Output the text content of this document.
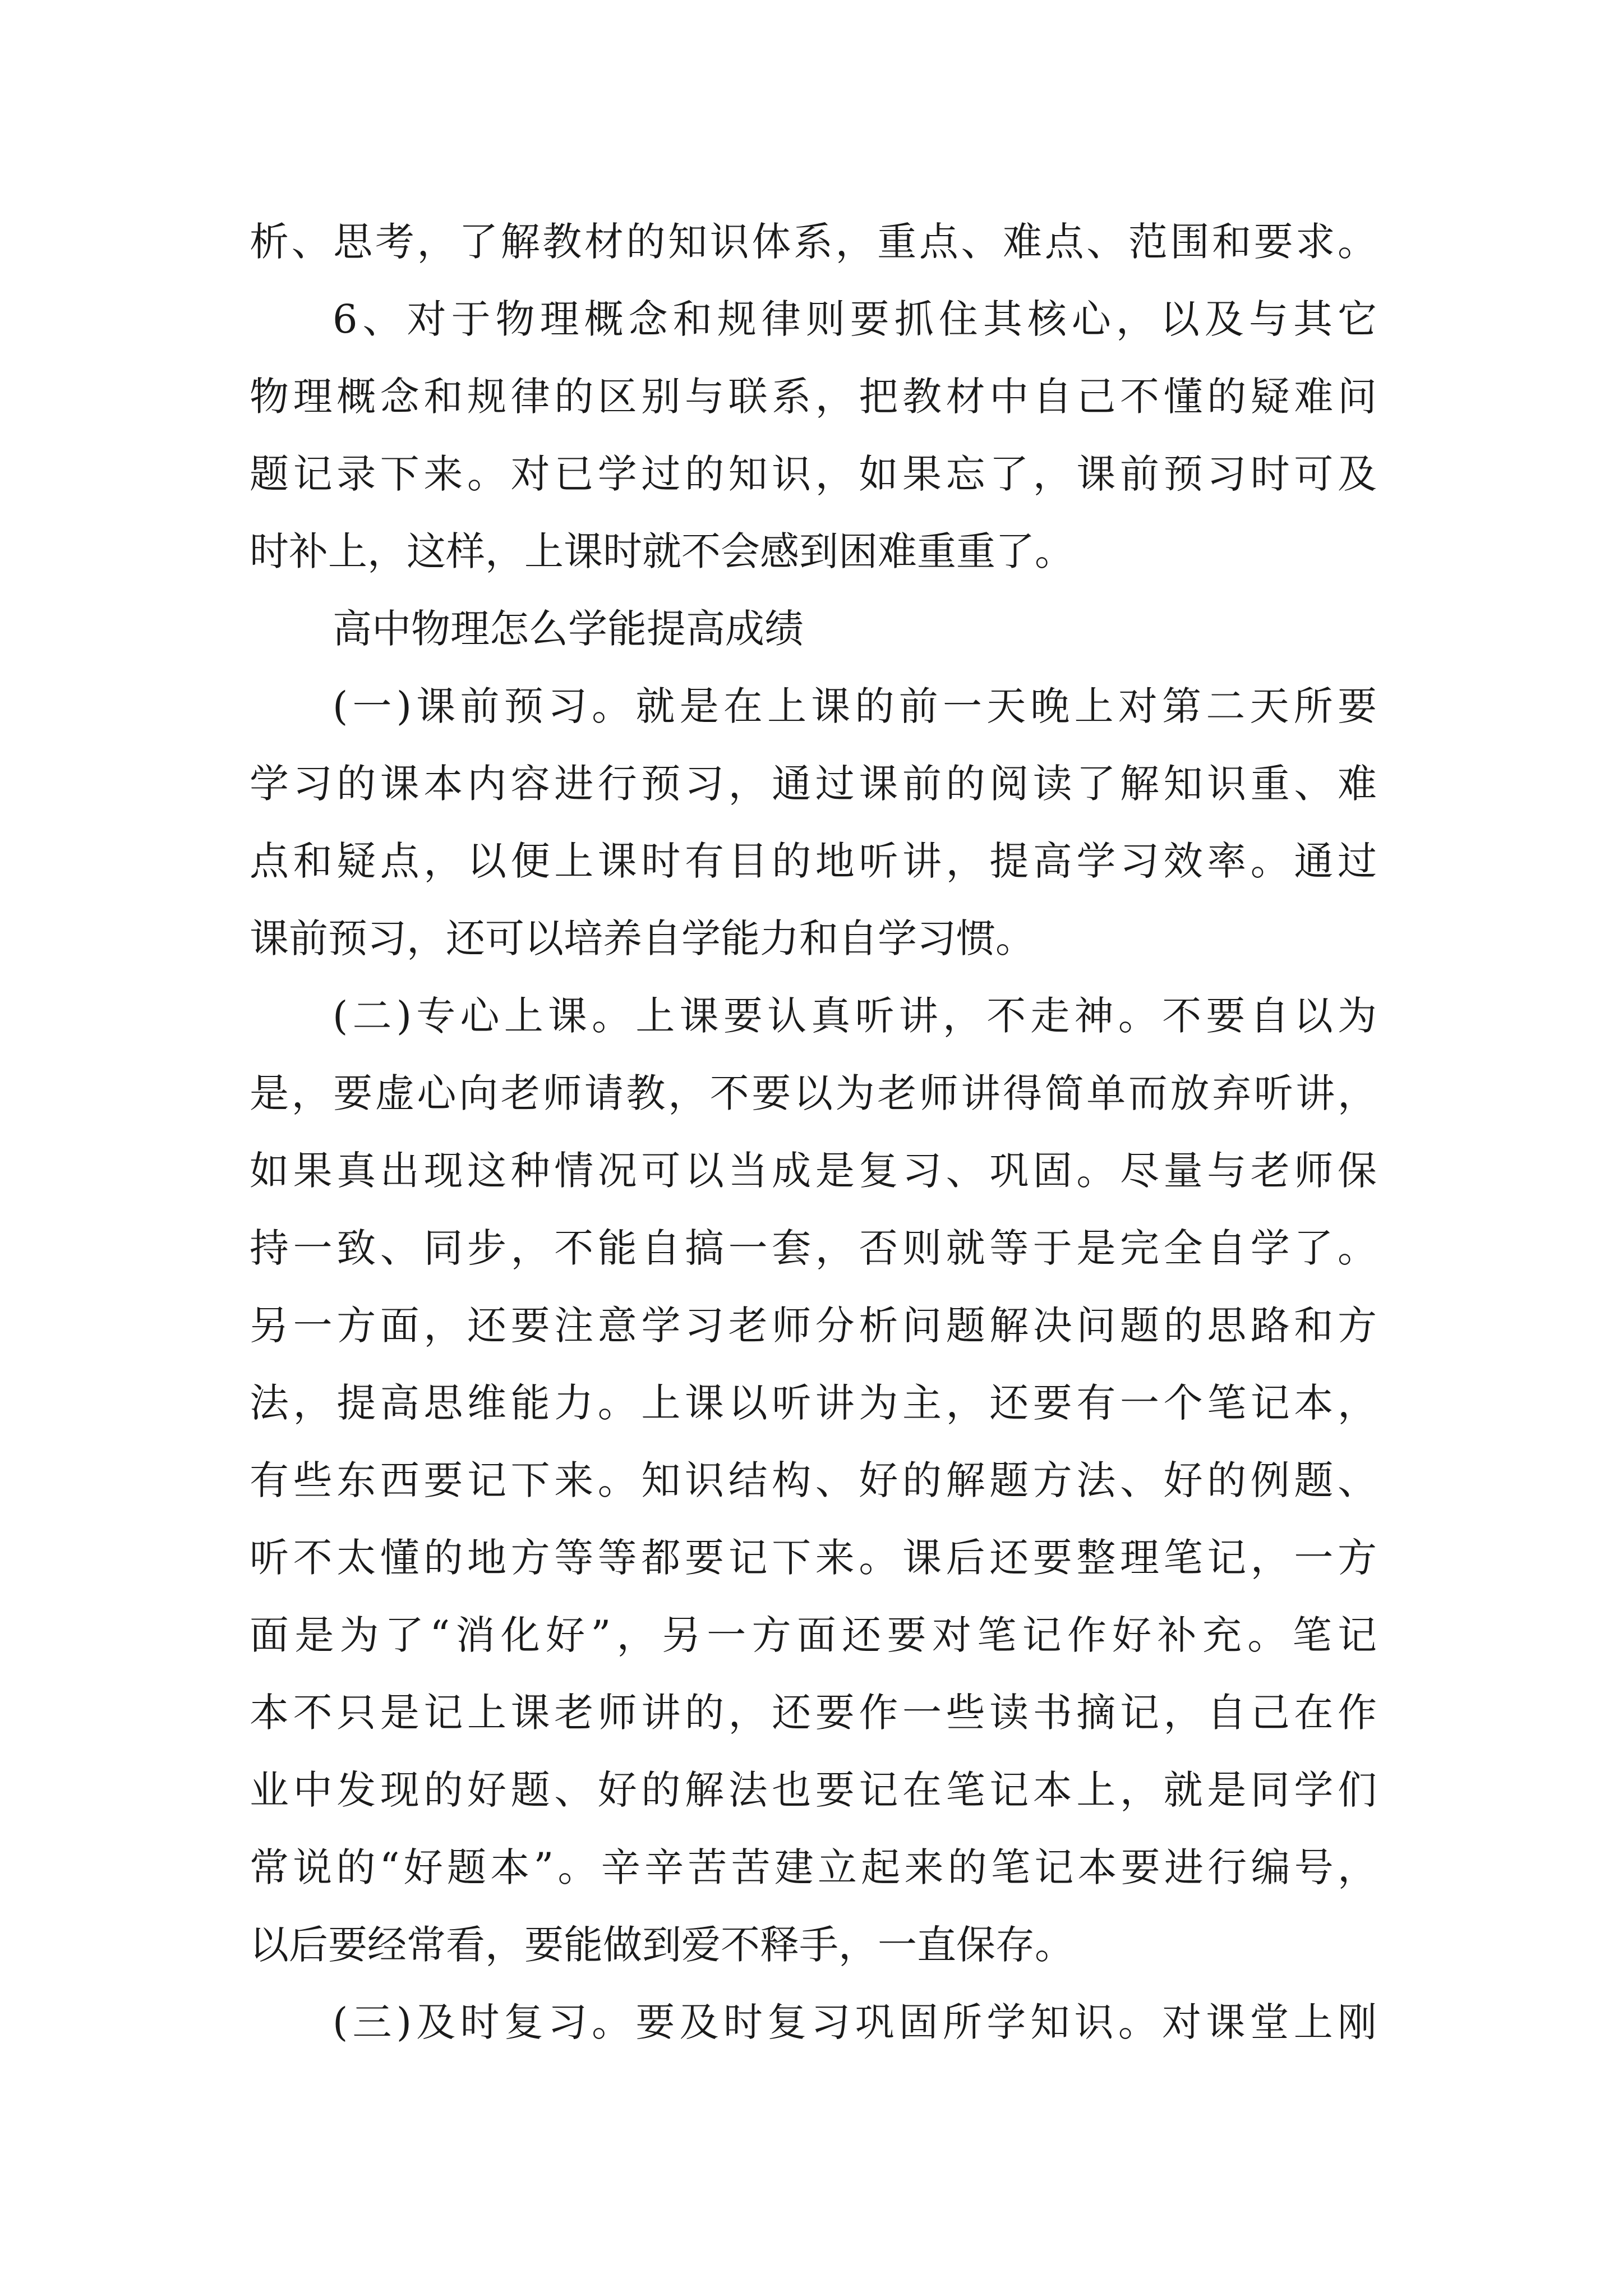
析、思考，了解教材的知识体系，重点、难点、范围和要求。
6、对于物理概念和规律则要抓住其核心，以及与其它
物理概念和规律的区别与联系，把教材中自己不懂的疑难问
题记录下来。对已学过的知识，如果忘了，课前预习时可及
时补上，这样，上课时就不会感到困难重重了。
高中物理怎么学能提高成绩
(一)课前预习。就是在上课的前一天晚上对第二天所要
学习的课本内容进行预习，通过课前的阅读了解知识重、难
点和疑点，以便上课时有目的地听讲，提高学习效率。通过
课前预习，还可以培养自学能力和自学习惯。
(二)专心上课。上课要认真听讲，不走神。不要自以为
是，要虚心向老师请教，不要以为老师讲得简单而放弃听讲，
如果真出现这种情况可以当成是复习、巩固。尽量与老师保
持一致、同步，不能自搞一套，否则就等于是完全自学了。
另一方面，还要注意学习老师分析问题解决问题的思路和方
法，提高思维能力。上课以听讲为主，还要有一个笔记本，
有些东西要记下来。知识结构、好的解题方法、好的例题、
听不太懂的地方等等都要记下来。课后还要整理笔记，一方
面是为了“消化好”，另一方面还要对笔记作好补充。笔记
本不只是记上课老师讲的，还要作一些读书摘记，自己在作
业中发现的好题、好的解法也要记在笔记本上，就是同学们
常说的“好题本”。辛辛苦苦建立起来的笔记本要进行编号，
以后要经常看，要能做到爱不释手，一直保存。
(三)及时复习。要及时复习巩固所学知识。对课堂上刚
